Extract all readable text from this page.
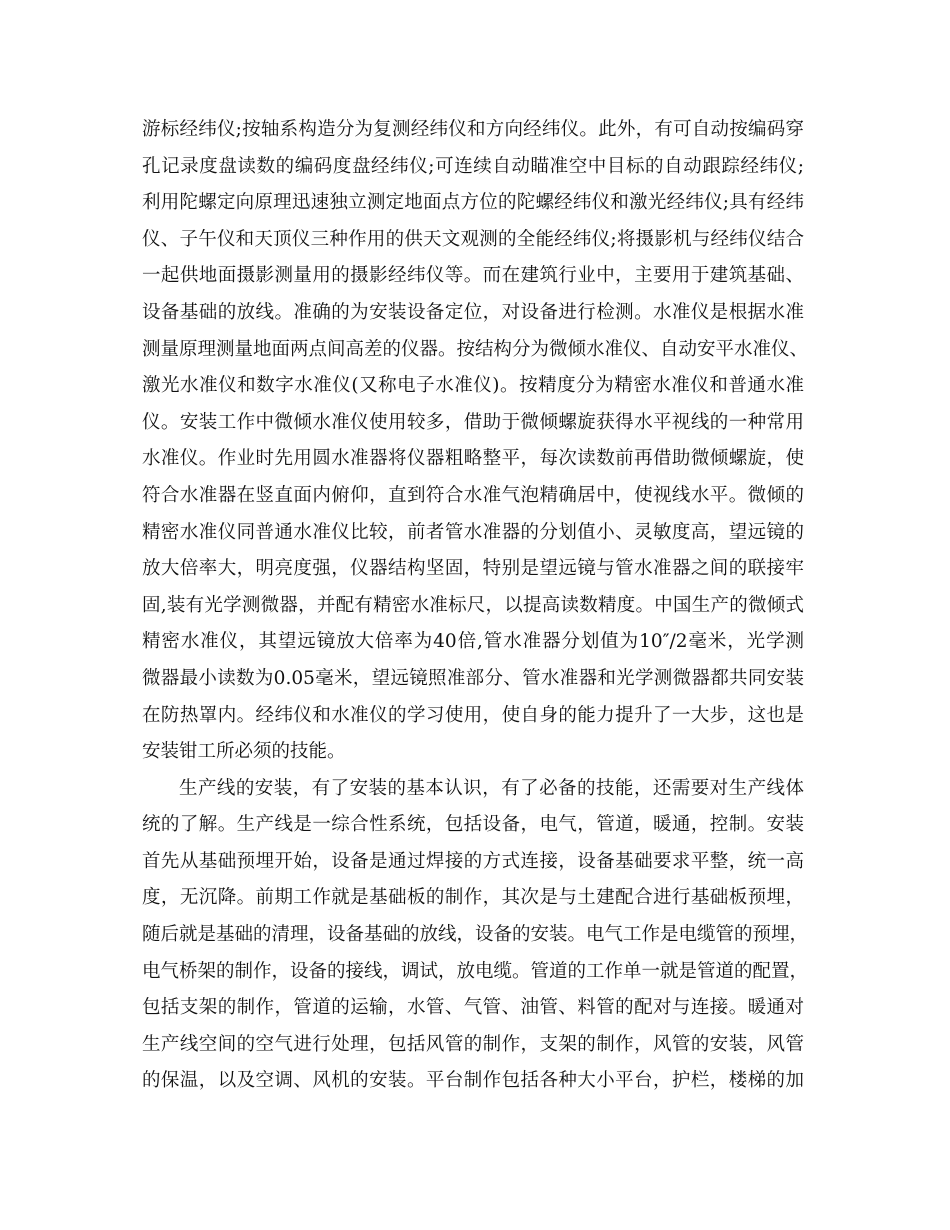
游标经纬仪;按轴系构造分为复测经纬仪和方向经纬仪。此外，有可自动按编码穿
孔记录度盘读数的编码度盘经纬仪;可连续自动瞄准空中目标的自动跟踪经纬仪;
利用陀螺定向原理迅速独立测定地面点方位的陀螺经纬仪和激光经纬仪;具有经纬
仪、子午仪和天顶仪三种作用的供天文观测的全能经纬仪;将摄影机与经纬仪结合
一起供地面摄影测量用的摄影经纬仪等。而在建筑行业中，主要用于建筑基础、
设备基础的放线。准确的为安装设备定位，对设备进行检测。水准仪是根据水准
测量原理测量地面两点间高差的仪器。按结构分为微倾水准仪、自动安平水准仪、
激光水准仪和数字水准仪(又称电子水准仪)。按精度分为精密水准仪和普通水准
仪。安装工作中微倾水准仪使用较多，借助于微倾螺旋获得水平视线的一种常用
水准仪。作业时先用圆水准器将仪器粗略整平，每次读数前再借助微倾螺旋，使
符合水准器在竖直面内俯仰，直到符合水准气泡精确居中，使视线水平。微倾的
精密水准仪同普通水准仪比较，前者管水准器的分划值小、灵敏度高，望远镜的
放大倍率大，明亮度强，仪器结构坚固，特别是望远镜与管水准器之间的联接牢
固,装有光学测微器，并配有精密水准标尺，以提高读数精度。中国生产的微倾式
精密水准仪，其望远镜放大倍率为40倍,管水准器分划值为10″/2毫米，光学测
微器最小读数为0.05毫米，望远镜照准部分、管水准器和光学测微器都共同安装
在防热罩内。经纬仪和水准仪的学习使用，使自身的能力提升了一大步，这也是
安装钳工所必须的技能。
生产线的安装，有了安装的基本认识，有了必备的技能，还需要对生产线体
统的了解。生产线是一综合性系统，包括设备，电气，管道，暖通，控制。安装
首先从基础预埋开始，设备是通过焊接的方式连接，设备基础要求平整，统一高
度，无沉降。前期工作就是基础板的制作，其次是与土建配合进行基础板预埋，
随后就是基础的清理，设备基础的放线，设备的安装。电气工作是电缆管的预埋，
电气桥架的制作，设备的接线，调试，放电缆。管道的工作单一就是管道的配置，
包括支架的制作，管道的运输，水管、气管、油管、料管的配对与连接。暖通对
生产线空间的空气进行处理，包括风管的制作，支架的制作，风管的安装，风管
的保温，以及空调、风机的安装。平台制作包括各种大小平台，护栏，楼梯的加
